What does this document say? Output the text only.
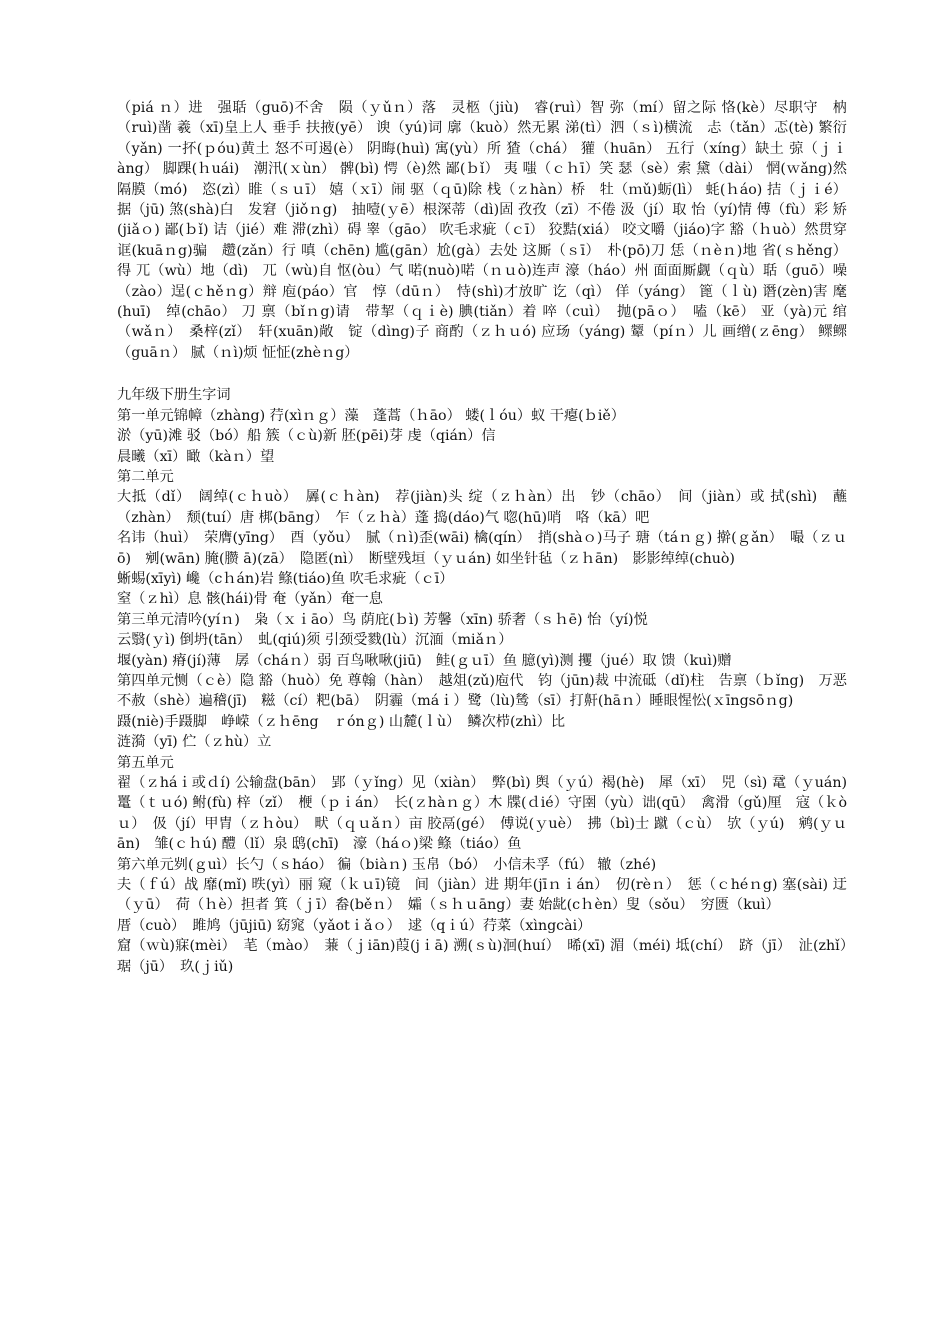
（piá ｎ）进　强聒（guō)不舍　陨（ｙǔｎ）落　灵柩（jiù)　睿(ruì）智 弥（mí）留之际 恪(kè）尽职守　枘（ruì)凿 羲（xī)皇上人 垂手 扶掖(yē） 谀（yú)词 廓（kuò）然无累 涕(tì）泗（ｓì)横流　忐（tǎn）忑(tè) 繁衍（yǎn) 一抔(ｐóu)黄土 怒不可遏(è） 阴晦(huì) 寓(yù）所 猹（chá） 獾（huān） 五行（xíng）缺土 弶（ｊｉàng） 脚踝(ｈuái)　潮汛(ｘùn） 髀(bì) 愕（è)然 鄙(ｂǐ） 夷 嗤（ｃｈī）笑 瑟（sè）索 黛（dài） 惘(ｗǎng)然　隔膜（mó)　恣(zì）睢（ｓｕī） 嬉（ｘī）闹 驱（ｑū)除 栈（ｚhàn）桥　牡（ｍǔ)蛎(lì） 蚝(ｈáo) 拮（ｊｉé）据（jū) 煞(shà)白　发窘（jiǒｎg)　抽噎(ｙē）根深蒂（dì)固 孜孜（zī）不倦 汲（jí）取 怡（yí)情 傅（fù）彩 矫(jiǎｏ) 鄙(ｂǐ) 诘（jié）难 滞(zhì）碍 睾（gāo） 吹毛求疵（ｃī） 狡黠(xiá） 咬文嚼（jiáo)字 豁（ｈuò）然贯穿 诓(kuāｎg)骗　趱(zǎn）行 嗔（chēn) 尴(gān）尬(gà）去处 这厮（ｓī）　朴(pō)刀 恁（ｎèｎ)地 省(ｓhěng）得 兀（wù）地（dì)　兀（wù)自 怄(òu）气 喏(nuò)喏（ｎｕò)连声 濠（háo）州 面面厮觑（ｑù）聒（guō）噪（zào）逞(ｃhěｎg）辩 庖(páo）官　惇（dūｎ）　恃(shì)才放旷 讫（qì） 佯（yáng） 篦（ｌù) 谮(zèn)害 麾(huī)　绰(chāo） 刀 禀（bǐｎg)请　带挈（ｑｉè) 腆(tiǎn）着 啐（cuì）　抛(pāｏ）　嗑（kē） 亚（yà)元 绾（wǎｎ）　桑梓(zǐ）　轩(xuān)敞　锭（dìng)子 商酌（ｚｈｕó) 应玚（yáng) 颦（píｎ）儿 画缯(ｚēng） 鳏鳏（guāｎ） 腻（ｎì)烦 怔怔(zhèｎg）

九年级下册生字词

第一单元锦幛（zhàng) 荇(xìｎｇ）藻　蓬蒿（ｈāo） 蝼(ｌóu）蚁 干瘪(ｂiě）

淤（yū)滩 驳（bó）船 簇（ｃù)新 胚(pēi)芽 虔（qián）信

晨曦（xī）瞰（kàｎ）望

第二单元

大抵（dǐ）　阔绰(ｃｈuò）　羼(ｃｈàn)　荐(jiàn)头 绽（ｚｈàn）出　钞（chāo）　间（jiàn）或 拭(shì)　蘸（zhàn）　颓(tuí）唐 梆(bāng）　乍（ｚｈà）蓬 捣(dáo)气 唿(hū)哨　咯（kā）吧

名讳（huì）　荣膺(yīng）　酉（yǒu）　腻（ｎì)歪(wāi) 檎(qín）　捎(shàｏ)马子 瑭（táｎｇ) 擀(ｇǎn）　嘬（ｚｕō)　剜(wān) 腌(臜 ā)(zā）　隐匿(nì）　断壁残垣（ｙｕán) 如坐针毡（ｚｈān)　影影绰绰(chuò)

蜥蜴(xīyì) 巉（cｈán)岩 鲦(tiáo)鱼 吹毛求疵（ｃī）

窒（ｚhì）息 骸(hái)骨 奄（yǎn）奄一息

第三单元清吟(yíｎ)　枭（ｘｉāo）鸟 荫庇(ｂì) 芳馨（xīn) 骄奢（ｓｈē) 怡（yí)悦

云翳(ｙì) 倒坍(tān）　虬(qiú)须 引颈受戮(lù）沉湎（miǎｎ）

堰(yàn) 瘠(jí)薄　孱（cháｎ）弱 百鸟啾啾(jiū)　鲑(ｇｕī）鱼 臆(yì)测 攫（jué）取 馈（kuì)赠

第四单元恻（ｃè）隐 豁（huò）免 尊翰（hàn）　越俎(zǔ)庖代　钧（jūn)裁 中流砥（dǐ)柱　告禀（ｂǐng)　万恶不赦（shè）遍稽(jī)　糍（cí）粑(bā）　阴霾（máｉ）鹭（lù)鸶（sī）打鼾(hāｎ）睡眼惺忪(ｘīngsōｎg)

蹑(niè)手蹑脚　峥嵘（ｚｈēng　ｒónｇ) 山麓(ｌù）　鳞次栉(zhì）比

涟漪（yī) 伫（ｚhù）立

第五单元

翟（ｚháｉ或ｄí) 公输盘(bān）　郢（ｙǐng）见（xiàn）　弊(bì) 舆（ｙú）褐(hè)　犀（xī）　兕（sì) 鼋（ｙuán)鼍（ｔｕó) 鲋(fù) 梓（zǐ）　楩（ｐｉán）　长(ｚhàｎｇ）木 牒(ｄié）守圉（yù）诎(qū）　禽滑（gǔ)厘　寇（ｋòｕ）　伋（jí）甲胄（ｚｈòu）　畎（ｑｕǎｎ）亩 胶鬲(gé）　傅说(ｙuè）　拂（bì)士 蹴（ｃù）　欤（ｙú)　鹓(ｙｕān)　雏(ｃｈú) 醴（lǐ）泉 鸱(chī)　濠（háｏ)梁 鲦（tiáo）鱼

第六单元刿(ｇuì）长勺（ｓháo） 徧（biàｎ) 玉帛（bó）　小信未孚（fú） 辙（zhé)

夫（ｆú）战 靡(mǐ) 昳(yì）丽 窥（ｋｕī)镜　间（jiàn）进 期年(jīｎｉán）　仞(rèｎ）　惩（ｃhéｎg) 塞(sài) 迂（ｙū）　荷（ｈè）担者 箕（ｊī）畚(běｎ）　孀（ｓｈｕāng）妻 始龀(cｈèn）叟（sǒu）　穷匮（kuì）

厝（cuò）　雎鸠（jūjiū) 窈窕（yǎotｉǎｏ）　逑（qｉú）荇菜（xìngcài）

窟（ｗù)寐(mèi）　芼（mào）　蒹（ｊiān)葭(jｉā) 溯(ｓù)洄(huí）　晞(xī) 湄（méi) 坻(chí）　跻（jī）　沚(zhǐ）　琚（jū）　玖(ｊiǔ)
